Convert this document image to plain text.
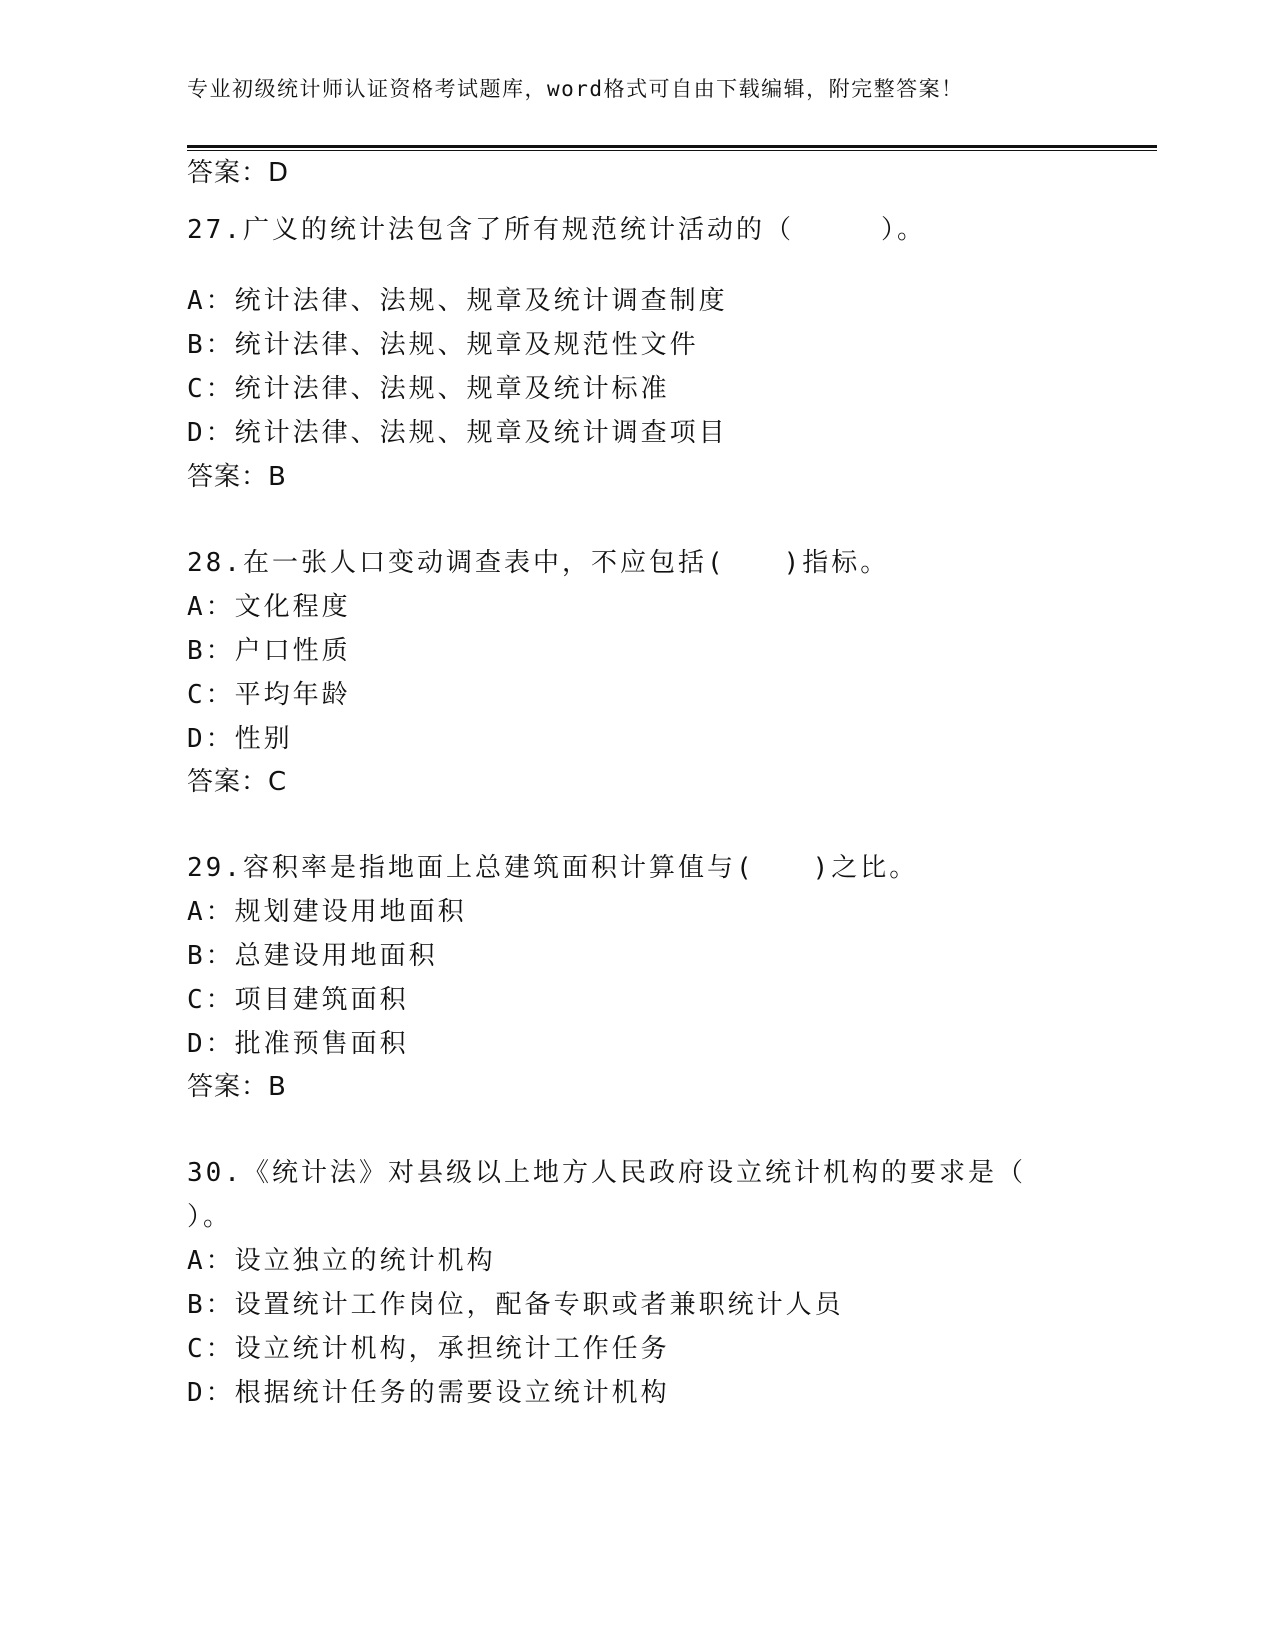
专业初级统计师认证资格考试题库，word格式可自由下载编辑，附完整答案！
答案：D
27.广义的统计法包含了所有规范统计活动的（　　　）。
A：统计法律、法规、规章及统计调查制度
B：统计法律、法规、规章及规范性文件
C：统计法律、法规、规章及统计标准
D：统计法律、法规、规章及统计调查项目
答案：B
28.在一张人口变动调查表中，不应包括(　　)指标。
A：文化程度
B：户口性质
C：平均年龄
D：性别
答案：C
29.容积率是指地面上总建筑面积计算值与(　　)之比。
A：规划建设用地面积
B：总建设用地面积
C：项目建筑面积
D：批准预售面积
答案：B
30.《统计法》对县级以上地方人民政府设立统计机构的要求是（
）。
A：设立独立的统计机构
B：设置统计工作岗位，配备专职或者兼职统计人员
C：设立统计机构，承担统计工作任务
D：根据统计任务的需要设立统计机构
